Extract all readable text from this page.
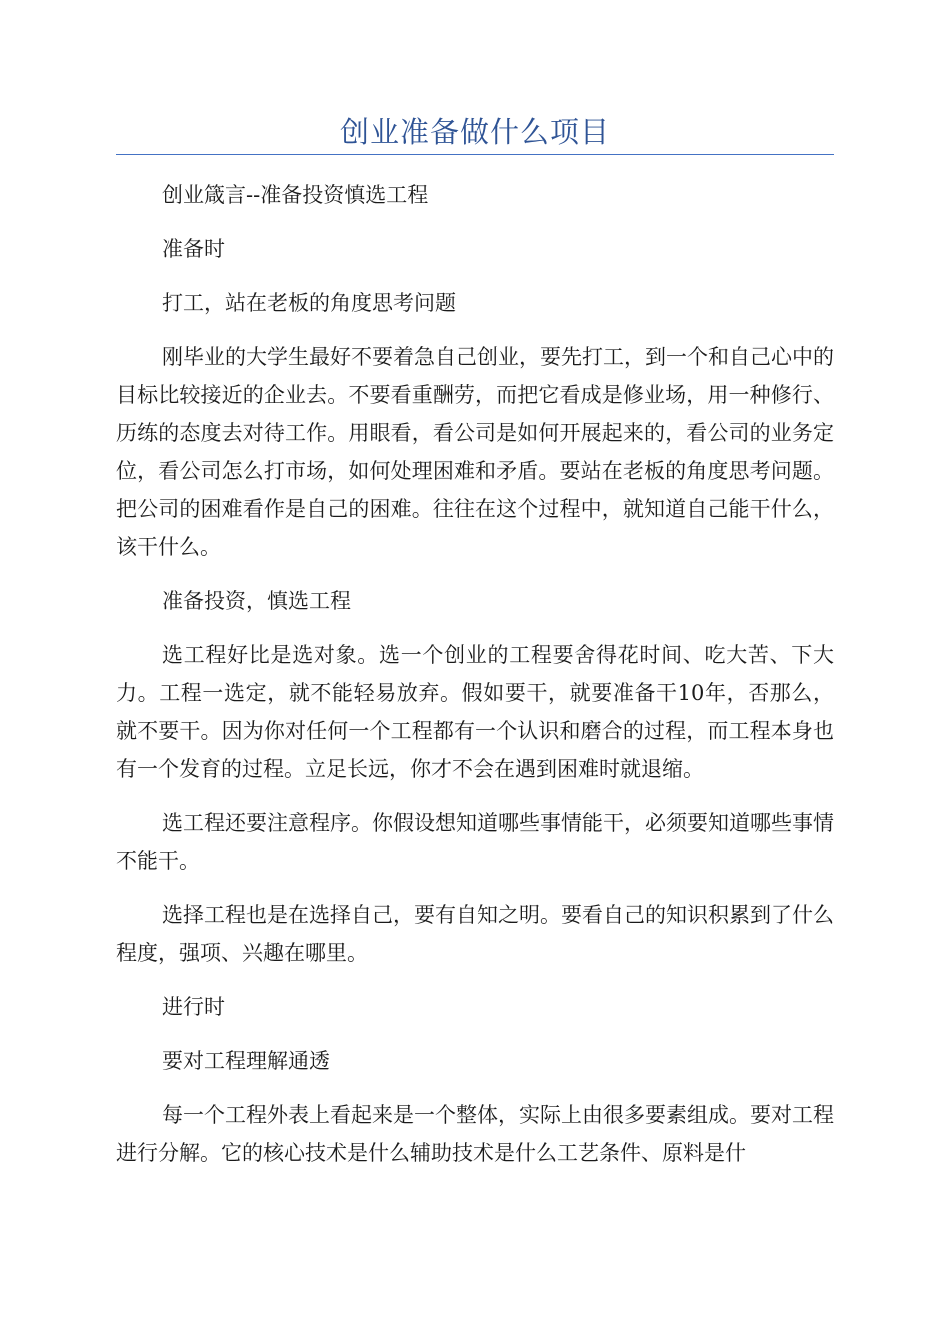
创业准备做什么项目

创业箴言--准备投资慎选工程

准备时

打工，站在老板的角度思考问题

刚毕业的大学生最好不要着急自己创业，要先打工，到一个和自己心中的目标比较接近的企业去。不要看重酬劳，而把它看成是修业场，用一种修行、历练的态度去对待工作。用眼看，看公司是如何开展起来的，看公司的业务定位，看公司怎么打市场，如何处理困难和矛盾。要站在老板的角度思考问题。把公司的困难看作是自己的困难。往往在这个过程中，就知道自己能干什么，该干什么。

准备投资，慎选工程

选工程好比是选对象。选一个创业的工程要舍得花时间、吃大苦、下大力。工程一选定，就不能轻易放弃。假如要干，就要准备干10年，否那么，就不要干。因为你对任何一个工程都有一个认识和磨合的过程，而工程本身也有一个发育的过程。立足长远，你才不会在遇到困难时就退缩。

选工程还要注意程序。你假设想知道哪些事情能干，必须要知道哪些事情不能干。

选择工程也是在选择自己，要有自知之明。要看自己的知识积累到了什么程度，强项、兴趣在哪里。

进行时

要对工程理解通透

每一个工程外表上看起来是一个整体，实际上由很多要素组成。要对工程进行分解。它的核心技术是什么辅助技术是什么工艺条件、原料是什
